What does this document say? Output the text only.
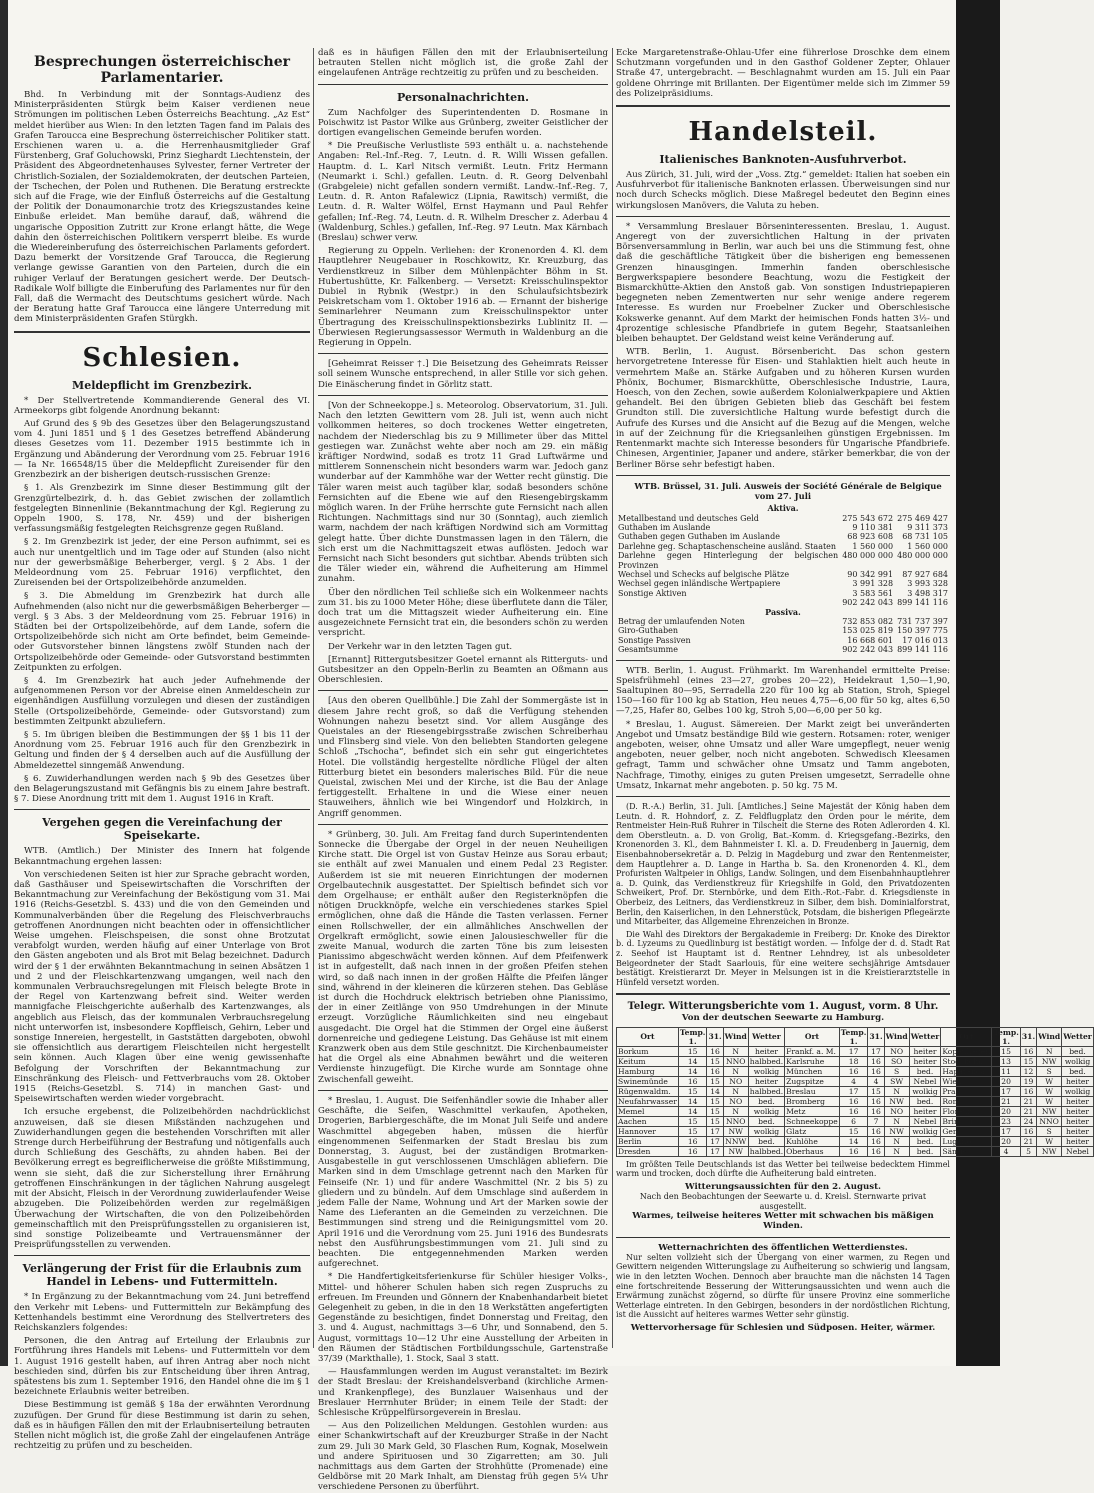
Besprechungen österreichischer Parlamentarier.

Bhd. In Verbindung mit der Sonntags-Audienz des Ministerpräsidenten Stürgk beim Kaiser verdienen neue Strömungen im politischen Leben Österreichs Beachtung. „Az Est“ meldet hierüber aus Wien: In den letzten Tagen fand im Palais des Grafen Taroucca eine Besprechung österreichischer Politiker statt. Erschienen waren u. a. die Herrenhausmitglieder Graf Fürstenberg, Graf Goluchowski, Prinz Sieghardt Liechtenstein, der Präsident des Abgeordnetenhauses Sylvester, ferner Vertreter der Christlich-Sozialen, der Sozialdemokraten, der deutschen Parteien, der Tschechen, der Polen und Ruthenen. Die Beratung erstreckte sich auf die Frage, wie der Einfluß Österreichs auf die Gestaltung der Politik der Donaumonarchie trotz des Kriegszustandes keine Einbuße erleidet. Man bemühe darauf, daß, während die ungarische Opposition Zutritt zur Krone erlangt hätte, die Wege dahin den österreichischen Politikern versperrt bleibe. Es wurde die Wiedereinberufung des österreichischen Parlaments gefordert. Dazu bemerkt der Vorsitzende Graf Taroucca, die Regierung verlange gewisse Garantien von den Parteien, durch die ein ruhiger Verlauf der Beratungen gesichert werde. Der Deutsch-Radikale Wolf billigte die Einberufung des Parlamentes nur für den Fall, daß die Wermacht des Deutschtums gesichert würde. Nach der Beratung hatte Graf Taroucca eine längere Unterredung mit dem Ministerpräsidenten Grafen Stürgkh.

Schlesien.
Meldepflicht im Grenzbezirk.

* Der Stellvertretende Kommandierende General des VI. Armeekorps gibt folgende Anordnung bekannt:

Auf Grund des § 9b des Gesetzes über den Belagerungszustand vom 4. Juni 1851 und § 1 des Gesetzes betreffend Abänderung dieses Gesetzes vom 11. Dezember 1915 bestimmte ich in Ergänzung und Abänderung der Verordnung vom 25. Februar 1916 — Ia Nr. 166548/15 über die Meldepflicht Zureisender für den Grenzbezirk an der bisherigen deutsch-russischen Grenze:

§ 1. Als Grenzbezirk im Sinne dieser Bestimmung gilt der Grenzgürtelbezirk, d. h. das Gebiet zwischen der zollamtlich festgelegten Binnenlinie (Bekanntmachung der Kgl. Regierung zu Oppeln 1900, S. 178, Nr. 459) und der bisherigen verfassungsmäßig festgelegten Reichsgrenze gegen Rußland.

§ 2. Im Grenzbezirk ist jeder, der eine Person aufnimmt, sei es auch nur unentgeltlich und im Tage oder auf Stunden (also nicht nur der gewerbsmäßige Beherberger, vergl. § 2 Abs. 1 der Meldeordnung vom 25. Februar 1916) verpflichtet, den Zureisenden bei der Ortspolizeibehörde anzumelden.

§ 3. Die Abmeldung im Grenzbezirk hat durch alle Aufnehmenden (also nicht nur die gewerbsmäßigen Beherberger — vergl. § 3 Abs. 3 der Meldeordnung vom 25. Februar 1916) in Städten bei der Ortspolizeibehörde, auf dem Lande, sofern die Ortspolizeibehörde sich nicht am Orte befindet, beim Gemeinde- oder Gutsvorsteher binnen längstens zwölf Stunden nach der Ortspolizeibehörde oder Gemeinde- oder Gutsvorstand bestimmten Zeitpunkten zu erfolgen.

§ 4. Im Grenzbezirk hat auch jeder Aufnehmende der aufgenommenen Person vor der Abreise einen Anmeldeschein zur eigenhändigen Ausfüllung vorzulegen und diesen der zuständigen Stelle (Ortspolizeibehörde, Gemeinde- oder Gutsvorstand) zum bestimmten Zeitpunkt abzuliefern.

§ 5. Im übrigen bleiben die Bestimmungen der §§ 1 bis 11 der Anordnung vom 25. Februar 1916 auch für den Grenzbezirk in Geltung und finden der § 4 derselben auch auf die Ausfüllung der Abmeldezettel sinngemäß Anwendung.

§ 6. Zuwiderhandlungen werden nach § 9b des Gesetzes über den Belagerungszustand mit Gefängnis bis zu einem Jahre bestraft. § 7. Diese Anordnung tritt mit dem 1. August 1916 in Kraft.

Vergehen gegen die Vereinfachung der Speisekarte.

WTB. (Amtlich.) Der Minister des Innern hat folgende Bekanntmachung ergehen lassen:

Von verschiedenen Seiten ist hier zur Sprache gebracht worden, daß Gasthäuser und Speisewirtschaften die Vorschriften der Bekanntmachung zur Vereinfachung der Beköstigung vom 31. Mai 1916 (Reichs-Gesetzbl. S. 433) und die von den Gemeinden und Kommunalverbänden über die Regelung des Fleischverbrauchs getroffenen Anordnungen nicht beachten oder in offensichtlicher Weise umgehen. Fleischspeisen, die sonst ohne Brotzutat verabfolgt wurden, werden häufig auf einer Unterlage von Brot den Gästen angeboten und als Brot mit Belag bezeichnet. Dadurch wird der § 1 der erwähnten Bekanntmachung in seinen Absätzen 1 und 2 und der Fleischkartenzwang umgangen, weil nach den kommunalen Verbrauchsregelungen mit Fleisch belegte Brote in der Regel von Kartenzwang befreit sind. Weiter werden mannigfache Fleischgerichte außerhalb des Kartenzwanges, als angeblich aus Fleisch, das der kommunalen Verbrauchsregelung nicht unterworfen ist, insbesondere Kopffleisch, Gehirn, Leber und sonstige Innereien, hergestellt, in Gaststätten dargeboten, obwohl sie offensichtlich aus derartigem Fleischteilen nicht hergestellt sein können. Auch Klagen über eine wenig gewissenhafte Befolgung der Vorschriften der Bekanntmachung zur Einschränkung des Fleisch- und Fettverbrauchs vom 28. Oktober 1915 (Reichs-Gesetzbl. S. 714) in manchen Gast- und Speisewirtschaften werden wieder vorgebracht.

Ich ersuche ergebenst, die Polizeibehörden nachdrücklichst anzuweisen, daß sie diesen Mißständen nachzugehen und Zuwiderhandlungen gegen die bestehenden Vorschriften mit aller Strenge durch Herbeiführung der Bestrafung und nötigenfalls auch durch Schließung des Geschäfts, zu ahnden haben. Bei der Bevölkerung erregt es begreiflicherweise die größte Mißstimmung, wenn sie sieht, daß die zur Sicherstellung ihrer Ernährung getroffenen Einschränkungen in der täglichen Nahrung ausgelegt mit der Absicht, Fleisch in der Verordnung zuwiderlaufender Weise abzugeben. Die Polizeibehörden werden zur regelmäßigen Überwachung der Wirtschaften, die von den Polizeibehörden gemeinschaftlich mit den Preisprüfungsstellen zu organisieren ist, sind sonstige Polizeibeamte und Vertrauensmänner der Preisprüfungsstellen zu verwenden.

Verlängerung der Frist für die Erlaubnis zum Handel in Lebens- und Futtermitteln.

* In Ergänzung zu der Bekanntmachung vom 24. Juni betreffend den Verkehr mit Lebens- und Futtermitteln zur Bekämpfung des Kettenhandels bestimmt eine Verordnung des Stellvertreters des Reichskanzlers folgendes:

Personen, die den Antrag auf Erteilung der Erlaubnis zur Fortführung ihres Handels mit Lebens- und Futtermitteln vor dem 1. August 1916 gestellt haben, auf ihren Antrag aber noch nicht beschieden sind, dürfen bis zur Entscheidung über ihren Antrag, spätestens bis zum 1. September 1916, den Handel ohne die im § 1 bezeichnete Erlaubnis weiter betreiben.

Diese Bestimmung ist gemäß § 18a der erwähnten Verordnung zuzufügen. Der Grund für diese Bestimmung ist darin zu sehen, daß es in häufigen Fällen den mit der Erlaubniserteilung betrauten Stellen nicht möglich ist, die große Zahl der eingelaufenen Anträge rechtzeitig zu prüfen und zu bescheiden.

daß es in häufigen Fällen den mit der Erlaubniserteilung betrauten Stellen nicht möglich ist, die große Zahl der eingelaufenen Anträge rechtzeitig zu prüfen und zu bescheiden.

Personalnachrichten.

Zum Nachfolger des Superintendenten D. Rosmane in Poischwitz ist Pastor Wilke aus Grünberg, zweiter Geistlicher der dortigen evangelischen Gemeinde berufen worden.

* Die Preußische Verlustliste 593 enthält u. a. nachstehende Angaben: Rel.-Inf.-Reg. 7, Leutn. d. R. Willi Wissen gefallen. Hauptm. d. L. Karl Nitsch vermißt. Leutn. Fritz Hermann (Neumarkt i. Schl.) gefallen. Leutn. d. R. Georg Delvenbahl (Grabgeleie) nicht gefallen sondern vermißt. Landw.-Inf.-Reg. 7, Leutn. d. R. Anton Rafalewicz (Lipnia, Rawitsch) vermißt, die Leutn. d. R. Walter Wölfel, Ernst Haymann und Paul Rehfer gefallen; Inf.-Reg. 74, Leutn. d. R. Wilhelm Drescher z. Aderbau 4 (Waldenburg, Schles.) gefallen, Inf.-Reg. 97 Leutn. Max Kärnbach (Breslau) schwer verw.

Regierung zu Oppeln. Verliehen: der Kronenorden 4. Kl. dem Hauptlehrer Neugebauer in Roschkowitz, Kr. Kreuzburg, das Verdienstkreuz in Silber dem Mühlenpächter Böhm in St. Hubertushütte, Kr. Falkenberg. — Versetzt: Kreisschulinspektor Dubiel in Rybnik (Westpr.) in den Schulaufsichtsbezirk Peiskretscham vom 1. Oktober 1916 ab. — Ernannt der bisherige Seminarlehrer Neumann zum Kreisschulinspektor unter Übertragung des Kreisschulinspektionsbezirks Lublinitz II. — Überwiesen Regierungsassessor Wermuth in Waldenburg an die Regierung in Oppeln.

[Geheimrat Reisser †.] Die Beisetzung des Geheimrats Reisser soll seinem Wunsche entsprechend, in aller Stille vor sich gehen. Die Einäscherung findet in Görlitz statt.

[Von der Schneekoppe.] s. Meteorolog. Observatorium, 31. Juli. Nach den letzten Gewittern vom 28. Juli ist, wenn auch nicht vollkommen heiteres, so doch trockenes Wetter eingetreten, nachdem der Niederschlag bis zu 9 Millimeter über das Mittel gestiegen war. Zunächst wehte aber noch am 29. ein mäßig kräftiger Nordwind, sodaß es trotz 11 Grad Luftwärme und mittlerem Sonnenschein nicht besonders warm war. Jedoch ganz wunderbar auf der Kammhöhe war der Wetter recht günstig. Die Täler waren meist auch tagüber klar, sodaß besonders schöne Fernsichten auf die Ebene wie auf den Riesengebirgskamm möglich waren. In der Frühe herrschte gute Fernsicht nach allen Richtungen. Nachmittags sind nur 30 (Sonntag), auch ziemlich warm, nachdem der nach kräftigen Nordwind sich am Vormittag gelegt hatte. Über dichte Dunstmassen lagen in den Tälern, die sich erst um die Nachmittagszeit etwas auflösten. Jedoch war Fernsicht nach Sicht besonders gut sichtbar. Abends trübten sich die Täler wieder ein, während die Aufheiterung am Himmel zunahm.

Über den nördlichen Teil schließe sich ein Wolkenmeer nachts zum 31. bis zu 1000 Meter Höhe; diese überflutete dann die Täler, doch trat um die Mittagszeit wieder Aufheiterung ein. Eine ausgezeichnete Fernsicht trat ein, die besonders schön zu werden verspricht.

Der Verkehr war in den letzten Tagen gut.

[Ernannt] Rittergutsbesitzer Goetel ernannt als Ritterguts- und Gutsbesitzer an den Oppeln-Berlin zu Beamten an Oßmann aus Oberschlesien.

[Aus den oberen Quellbühle.] Die Zahl der Sommergäste ist in diesem Jahre recht groß, so daß die Verfügung stehenden Wohnungen nahezu besetzt sind. Vor allem Ausgänge des Queistales an der Riesengebirgsstraße zwischen Schreiberhau und Flinsberg sind viele. Von den beliebten Standorten gelegene Schloß „Tschocha“, befindet sich ein sehr gut eingerichtetes Hotel. Die vollständig hergestellte nördliche Flügel der alten Ritterburg bietet ein besonders malerisches Bild. Für die neue Queistal, zwischen Mei und der Kirche, ist die Bau der Anlage fertiggestellt. Erhaltene in und die Wiese einer neuen Stauweihers, ähnlich wie bei Wingendorf und Holzkirch, in Angriff genommen.

* Grünberg, 30. Juli. Am Freitag fand durch Superintendenten Sonnecke die Übergabe der Orgel in der neuen Neuheiligen Kirche statt. Die Orgel ist von Gustav Heinze aus Sorau erbaut; sie enthält auf zwei Manualen und einem Pedal 23 Register. Außerdem ist sie mit neueren Einrichtungen der modernen Orgelbautechnik ausgestattet. Der Spieltisch befindet sich vor dem Orgelhause; er enthält außer den Registerknöpfen die nötigen Druckknöpfe, welche ein verschiedenes starkes Spiel ermöglichen, ohne daß die Hände die Tasten verlassen. Ferner einen Rollschweller, der ein allmähliches Anschwellen der Orgelkraft ermöglicht, sowie einen Jalousieschweller für die zweite Manual, wodurch die zarten Töne bis zum leisesten Pianissimo abgeschwächt werden können. Auf dem Pfeifenwerk ist in aufgestellt, daß nach innen in der großen Pfeifen stehen wird, so daß nach innen in der großen Hälfte die Pfeifen länger sind, während in der kleineren die kürzeren stehen. Das Gebläse ist durch die Hochdruck elektrisch betrieben ohne Pianissimo, der in einer Zeitlänge von 950 Umdrehungen in der Minute erzeugt. Vorzügliche Räumlichkeiten sind neu eingebaut ausgedacht. Die Orgel hat die Stimmen der Orgel eine äußerst dornenreiche und gediegene Leistung. Das Gehäuse ist mit einem Kranzwerk oben aus dem Stile geschnitzt. Die Kirchenbaumeister hat die Orgel als eine Abnahmen bewährt und die weiteren Verdienste hinzugefügt. Die Kirche wurde am Sonntage ohne Zwischenfall geweiht.

* Breslau, 1. August. Die Seifenhändler sowie die Inhaber aller Geschäfte, die Seifen, Waschmittel verkaufen, Apotheken, Drogerien, Barbiergeschäfte, die im Monat Juli Seife und andere Waschmittel abgegeben haben, müssen die hierfür eingenommenen Seifenmarken der Stadt Breslau bis zum Donnerstag, 3. August, bei der zuständigen Brotmarken-Ausgabestelle in gut verschlossenen Umschlägen abliefern. Die Marken sind in dem Umschlage getrennt nach den Marken für Feinseife (Nr. 1) und für andere Waschmittel (Nr. 2 bis 5) zu gliedern und zu bündeln. Auf dem Umschlage sind außerdem in jedem Falle der Name, Wohnung und Art der Marken sowie der Name des Lieferanten an die Gemeinden zu verzeichnen. Die Bestimmungen sind streng und die Reinigungsmittel vom 20. April 1916 und die Verordnung vom 25. Juni 1916 des Bundesrats nebst den Ausführungsbestimmungen vom 21. Juli sind zu beachten. Die entgegennehmenden Marken werden aufgerechnet.

* Die Handfertigkeitsferienkurse für Schüler hiesiger Volks-, Mittel- und höherer Schulen haben sich regen Zuspruchs zu erfreuen. Im Freunden und Gönnern der Knabenhandarbeit bietet Gelegenheit zu geben, in die in den 18 Werkstätten angefertigten Gegenstände zu besichtigen, findet Donnerstag und Freitag, den 3. und 4. August, nachmittags 3—6 Uhr, und Sonnabend, den 5. August, vormittags 10—12 Uhr eine Ausstellung der Arbeiten in den Räumen der Städtischen Fortbildungsschule, Gartenstraße 37/39 (Markthalle), 1. Stock, Saal 3 statt.

— Hausfammlungen werden im August veranstaltet: im Bezirk der Stadt Breslau: der Kreishandelsverband (kirchliche Armen- und Krankenpflege), des Bunzlauer Waisenhaus und der Breslauer Herrnhuter Brüder; in einem Teile der Stadt: der Schlesische Krüppelfürsorgeverein in Breslau.

— Aus den Polizeilichen Meldungen. Gestohlen wurden: aus einer Schankwirtschaft auf der Kreuzburger Straße in der Nacht zum 29. Juli 30 Mark Geld, 30 Flaschen Rum, Kognak, Moselwein und andere Spirituosen und 30 Zigarretten; am 30. Juli nachmittags aus dem Garten der Strohhütte (Promenade) eine Geldbörse mit 20 Mark Inhalt, am Dienstag früh gegen 5¼ Uhr verschiedene Personen zu überführt.

Ecke Margaretenstraße-Ohlau-Ufer eine führerlose Droschke dem einem Schutzmann vorgefunden und in den Gasthof Goldener Zepter, Ohlauer Straße 47, untergebracht. — Beschlagnahmt wurden am 15. Juli ein Paar goldene Ohrringe mit Brillanten. Der Eigentümer melde sich im Zimmer 59 des Polizeipräsidiums.

Handelsteil.
Italienisches Banknoten-Ausfuhrverbot.

Aus Zürich, 31. Juli, wird der „Voss. Ztg.“ gemeldet: Italien hat soeben ein Ausfuhrverbot für italienische Banknoten erlassen. Überweisungen sind nur noch durch Schecks möglich. Diese Maßregel bedeutet den Beginn eines wirkungslosen Manövers, die Valuta zu heben.

* Versammlung Breslauer Börseninteressenten. Breslau, 1. August. Angeregt von der zuversichtlichen Haltung in der privaten Börsenversammlung in Berlin, war auch bei uns die Stimmung fest, ohne daß die geschäftliche Tätigkeit über die bisherigen eng bemessenen Grenzen hinausgingen. Immerhin fanden oberschlesische Bergwerkspapiere besondere Beachtung, wozu die Festigkeit der Bismarckhütte-Aktien den Anstoß gab. Von sonstigen Industriepapieren begegneten neben Zementwerten nur sehr wenige andere regerem Interesse. Es wurden nur Froebelner Zucker und Oberschlesische Kokswerke genannt. Auf dem Markt der heimischen Fonds hatten 3½- und 4prozentige schlesische Pfandbriefe in gutem Begehr, Staatsanleihen bleiben behauptet. Der Geldstand weist keine Veränderung auf.

WTB. Berlin, 1. August. Börsenbericht. Das schon gestern hervorgetretene Interesse für Eisen- und Stahlaktien hielt auch heute in vermehrtem Maße an. Stärke Aufgaben und zu höheren Kursen wurden Phönix, Bochumer, Bismarckhütte, Oberschlesische Industrie, Laura, Hoesch, von den Zechen, sowie außerdem Kolonialwerkpapiere und Aktien gehandelt. Bei den übrigen Gebieten blieb das Geschäft bei festem Grundton still. Die zuversichtliche Haltung wurde befestigt durch die Aufrufe des Kurses und die Ansicht auf die Bezug auf die Mengen, welche in auf der Zeichnung für die Kriegsanleihen günstigen Ergebnissen. Im Rentenmarkt machte sich Interesse besonders für Ungarische Pfandbriefe. Chinesen, Argentinier, Japaner und andere, stärker bemerkbar, die von der Berliner Börse sehr befestigt haben.

WTB. Brüssel, 31. Juli. Ausweis der Société Générale de Belgique vom 27. Juli

Aktiva.		
Metallbestand und deutsches Geld	275 543 672	275 469 427
Guthaben im Auslande	9 110 381	9 311 373
Guthaben gegen Guthaben im Auslande	68 923 608	68 731 105
Darlehne geg. Schaptaschenscheine ausländ. Staaten	1 560 000	1 560 000
Darlehne gegen Hinterlegung der belgischen Provinzen	480 000 000	480 000 000
Wechsel und Schecks auf belgische Plätze	90 342 991	87 927 684
Wechsel gegen inländische Wertpapiere	3 991 328	3 993 328
Sonstige Aktiven	3 583 561	3 498 317
	902 242 043	899 141 116
Passiva.		
Betrag der umlaufenden Noten	732 853 082	731 737 397
Giro-Guthaben	153 025 819	150 397 775
Sonstige Passiven	16 668 601	17 016 013
Gesamtsumme	902 242 043	899 141 116

WTB. Berlin, 1. August. Frühmarkt. Im Warenhandel ermittelte Preise: Speisfrühmehl (eines 23—27, grobes 20—22), Heidekraut 1,50—1,90, Saaltupinen 80—95, Serradella 220 für 100 kg ab Station, Stroh, Spiegel 150—160 für 100 kg ab Station, Heu neues 4,75—6,00 für 50 kg, altes 6,50—7,25, Hafer 80, Gelbes 100 kg, Stroh 5,00—6,00 per 50 kg.

* Breslau, 1. August. Sämereien. Der Markt zeigt bei unveränderten Angebot und Umsatz beständige Bild wie gestern. Rotsamen: roter, weniger angeboten, weiser, ohne Umsatz und aller Ware umgepflegt, neuer wenig angeboten, neuer gelber, noch nicht angeboten. Schwedisch Kleesamen gefragt, Tamm und schwächer ohne Umsatz und Tamm angeboten, Nachfrage, Timothy, einiges zu guten Preisen umgesetzt, Serradelle ohne Umsatz, Inkarnat mehr angeboten. p. 50 kg. 75 M.

(D. R.-A.) Berlin, 31. Juli. [Amtliches.] Seine Majestät der König haben dem Leutn. d. R. Hohndorf, z. Z. Feldflugplatz den Orden pour le mérite, dem Rentmeister Hein-Ruß Ruhrer in Tilscheit die Sterne des Roten Adlerorden 4. Kl. dem Oberstleutn. a. D. von Grolig, Bat.-Komm. d. Kriegsgefang.-Bezirks, den Kronenorden 3. Kl., dem Bahnmeister I. Kl. a. D. Freudenberg in Jauernig, dem Eisenbahnobersekretär a. D. Pelzig in Magdeburg und zwar den Rentenmeister, dem Hauptlehrer a. D. Lange in Hartha b. Sa. den Kronenorden 4. Kl., dem Profuristen Waltpeier in Ohligs, Landw. Solingen, und dem Eisenbahnhauptlehrer a. D. Quink, das Verdienstkreuz für Kriegshilfe in Gold, den Privatdozenten Schweikert, Prof. Dr. Sternbörke, und dem Eith.-Rot.-Fabr. d. Kriegsdienste in Oberbeiz, des Leitners, das Verdienstkreuz in Silber, dem bish. Dominialforstrat, Berlin, den Kaiserlichen, in den Lehnerstück, Potsdam, die bisherigen Pflegeärzte und Mitarbeiter, das Allgemeine Ehrenzeichen in Bronze.

Die Wahl des Direktors der Bergakademie in Freiberg: Dr. Knoke des Direktor b. d. Lyzeums zu Quedlinburg ist bestätigt worden. — Infolge der d. d. Stadt Rat z. Seehof ist Hauptamt ist d. Rentner Lehndrey, ist als unbesoldeter Beigeordneter der Stadt Saarlouis, für eine weitere sechsjährige Amtsdauer bestätigt. Kreistierarzt Dr. Meyer in Melsungen ist in die Kreistierarztstelle in Hünfeld versetzt worden.

Telegr. Witterungsberichte vom 1. August, vorm. 8 Uhr.
Von der deutschen Seewarte zu Hamburg.
Ort	Temp. 1.	31.	Wind	Wetter	Ort	Temp. 1.	31.	Wind	Wetter	Ort	Temp. 1.	31.	Wind	Wetter
Borkum	15	16	N	heiter	Frankf. a. M.	17	17	NO	heiter	Kopenhagen	15	16	N	bed.
Keitum	14	15	NNO	halbbed.	Karlsruhe	18	16	SO	heiter	Stockholm	13	15	NW	wolkig
Hamburg	14	16	N	wolkig	München	16	16	S	bed.	Haparanda	11	12	S	bed.
Swinemünde	16	15	NO	heiter	Zugspitze	4	4	SW	Nebel	Wien	20	19	W	heiter
Rügenwaldm.	15	14	N	halbbed.	Breslau	17	15	N	wolkig	Prag	17	16	W	wolkig
Neufahrwasser	14	15	NO	bed.	Bromberg	16	16	NW	bed.	Rom	21	21	W	heiter
Memel	14	15	N	wolkig	Metz	16	16	NO	heiter	Florenz	20	21	NW	heiter
Aachen	15	15	NNO	bed.	Schneekoppe	6	7	N	Nebel	Brindisi	23	24	NNO	heiter
Hannover	15	17	NW	wolkig	Glatz	15	16	NW	wolkig	Genf	17	16	S	heiter
Berlin	16	17	NNW	bed.	Kuhlöhe	14	16	N	bed.	Lugano	20	21	W	heiter
Dresden	16	17	NW	halbbed.	Oberhaus	16	16	N	bed.	Säntis	4	5	NW	Nebel

Im größten Teile Deutschlands ist das Wetter bei teilweise bedecktem Himmel warm und trocken, doch dürfte die Aufheiterung bald eintreten.

Witterungsaussichten für den 2. August.
Nach den Beobachtungen der Seewarte u. d. Kreisl. Sternwarte privat ausgestellt.
Warmes, teilweise heiteres Wetter mit schwachen bis mäßigen Winden.
Wetternachrichten des öffentlichen Wetterdienstes.

Nur selten vollzieht sich der Übergang von einer warmen, zu Regen und Gewittern neigenden Witterungslage zu Aufheiterung so schwierig und langsam, wie in den letzten Wochen. Dennoch aber brauchte man die nächsten 14 Tagen eine fortschreitende Besserung der Witterungsaussichten und wenn auch die Erwärmung zunächst zögernd, so dürfte für unsere Provinz eine sommerliche Wetterlage eintreten. In den Gebirgen, besonders in der nordöstlichen Richtung, ist die Aussicht auf heiteres warmes Wetter sehr günstig.

Wettervorhersage für Schlesien und Südposen. Heiter, wärmer.
